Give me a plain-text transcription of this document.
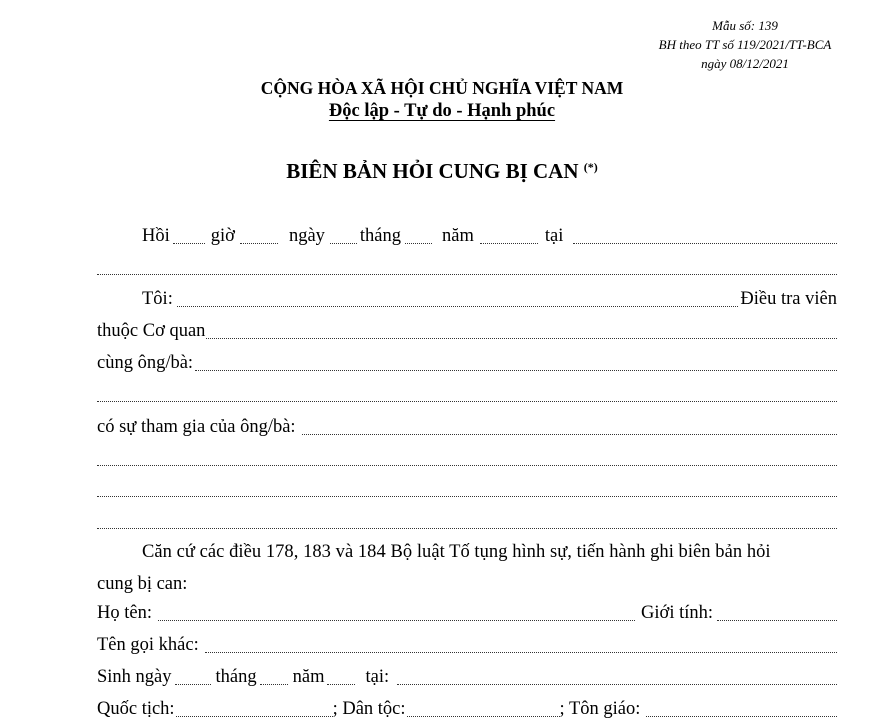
Mẫu số: 139
BH theo TT số 119/2021/TT-BCA
ngày 08/12/2021
CỘNG HÒA XÃ HỘI CHỦ NGHĨA VIỆT NAM
Độc lập - Tự do - Hạnh phúc
BIÊN BẢN HỎI CUNG BỊ CAN (*)
Hồi giờ	ngày tháng năm	tại
Tôi:	Điều tra viên
thuộc Cơ quan
cùng ông/bà:
có sự tham gia của ông/bà:
Căn cứ các điều 178, 183 và 184 Bộ luật Tố tụng hình sự, tiến hành ghi biên bản hỏi
cung bị can:
Họ tên:	Giới tính:
Tên gọi khác:
Sinh ngày tháng năm tại:
Quốc tịch:	; Dân tộc:	; Tôn giáo:
